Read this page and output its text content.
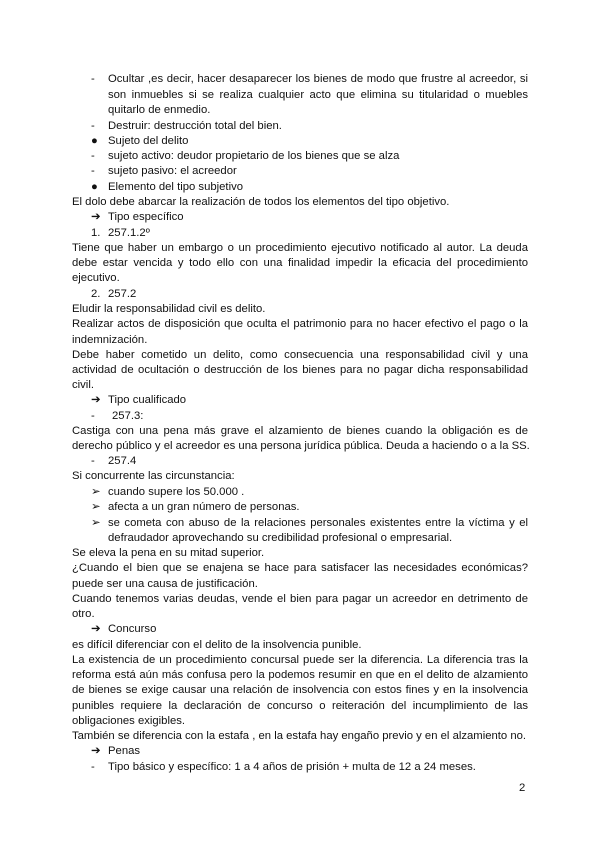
- Ocultar ,es decir, hacer desaparecer los bienes de modo que frustre al acreedor, si
son inmuebles si se realiza cualquier acto que elimina su titularidad o muebles
quitarlo de enmedio.
- Destruir: destrucción total del bien.
● Sujeto del delito
- sujeto activo: deudor propietario de los bienes que se alza
- sujeto pasivo: el acreedor
● Elemento del tipo subjetivo
El dolo debe abarcar la realización de todos los elementos del tipo objetivo.
➔ Tipo específico
1. 257.1.2º
Tiene que haber un embargo o un procedimiento ejecutivo notificado al autor. La deuda
debe estar vencida y todo ello con una finalidad impedir la eficacia del procedimiento
ejecutivo.
2. 257.2
Eludir la responsabilidad civil es delito.
Realizar actos de disposición que oculta el patrimonio para no hacer efectivo el pago o la
indemnización.
Debe haber cometido un delito, como consecuencia una responsabilidad civil y una
actividad de ocultación o destrucción de los bienes para no pagar dicha responsabilidad
civil.
➔ Tipo cualificado
- 257.3:
Castiga con una pena más grave el alzamiento de bienes cuando la obligación es de
derecho público y el acreedor es una persona jurídica pública. Deuda a haciendo o a la SS.
- 257.4
Si concurrente las circunstancia:
➢ cuando supere los 50.000 .
➢ afecta a un gran número de personas.
➢ se cometa con abuso de la relaciones personales existentes entre la víctima y el
defraudador aprovechando su credibilidad profesional o empresarial.
Se eleva la pena en su mitad superior.
¿Cuando el bien que se enajena se hace para satisfacer las necesidades económicas?
puede ser una causa de justificación.
Cuando tenemos varias deudas, vende el bien para pagar un acreedor en detrimento de
otro.
➔ Concurso
es difícil diferenciar con el delito de la insolvencia punible.
La existencia de un procedimiento concursal puede ser la diferencia. La diferencia tras la
reforma está aún más confusa pero la podemos resumir en que en el delito de alzamiento
de bienes se exige causar una relación de insolvencia con estos fines y en la insolvencia
punibles requiere la declaración de concurso o reiteración del incumplimiento de las
obligaciones exigibles.
También se diferencia con la estafa , en la estafa hay engaño previo y en el alzamiento no.
➔ Penas
- Tipo básico y específico: 1 a 4 años de prisión + multa de 12 a 24 meses.
2
